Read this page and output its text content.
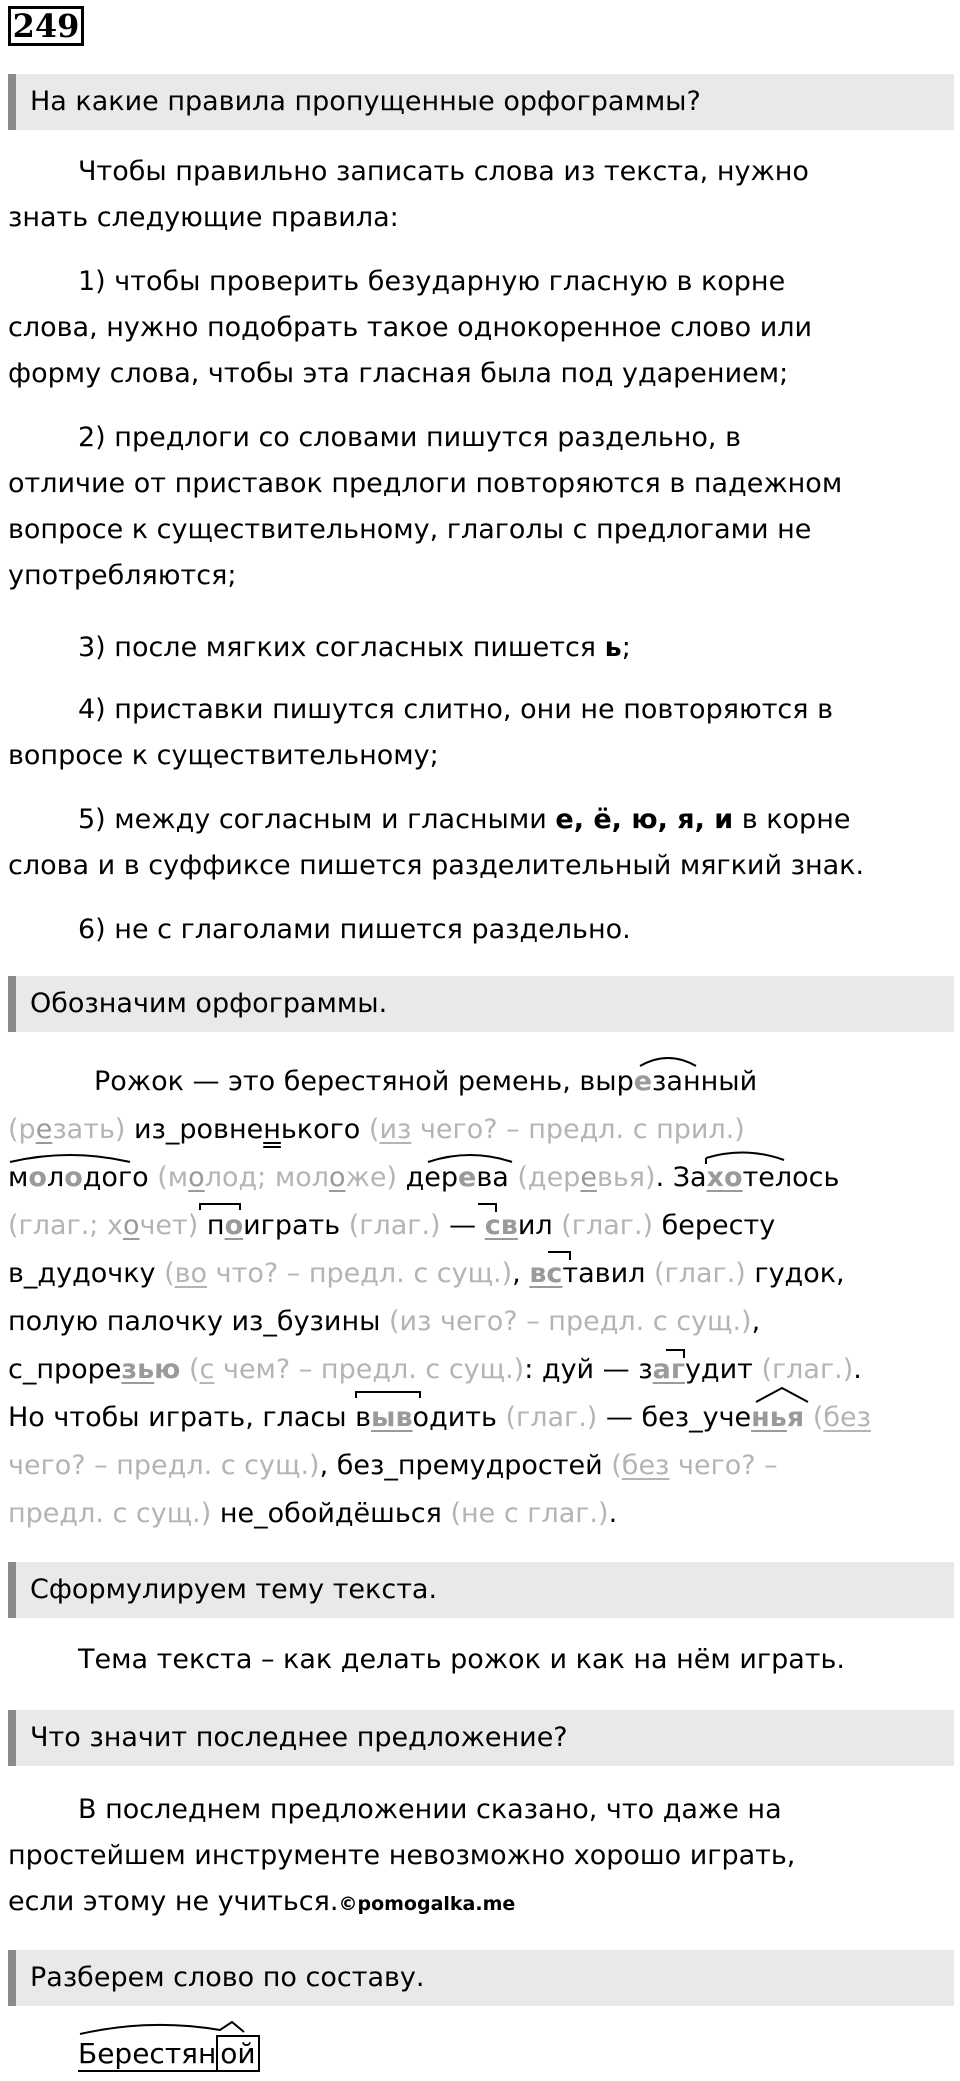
249
На какие правила пропущенные орфограммы?
Чтобы правильно записать слова из текста, нужно
знать следующие правила:
1) чтобы проверить безударную гласную в корне
слова, нужно подобрать такое однокоренное слово или
форму слова, чтобы эта гласная была под ударением;
2) предлоги со словами пишутся раздельно, в
отличие от приставок предлоги повторяются в падежном
вопросе к существительному, глаголы с предлогами не
употребляются;
3) после мягких согласных пишется ь;
4) приставки пишутся слитно, они не повторяются в
вопросе к существительному;
5) между согласным и гласными е, ё, ю, я, и в корне
слова и в суффиксе пишется разделительный мягкий знак.
6) не с глаголами пишется раздельно.
Обозначим орфограммы.
Рожок — это берестяной ремень, вырезанный
(резать) из_ровненького (из чего? – предл. с прил.)
молодого (молод; моложе) дерева (деревья). Захотелось
(глаг.; хочет) поиграть (глаг.) — свил (глаг.) бересту
в_дудочку (во что? – предл. с сущ.), вставил (глаг.) гудок,
полую палочку из_бузины (из чего? – предл. с сущ.),
с_прорезью (с чем? – предл. с сущ.): дуй — загудит (глаг.).
Но чтобы играть, гласы выводить (глаг.) — без_ученья (без
чего? – предл. с сущ.), без_премудростей (без чего? –
предл. с сущ.) не_обойдёшься (не с глаг.).
Сформулируем тему текста.
Тема текста – как делать рожок и как на нём играть.
Что значит последнее предложение?
В последнем предложении сказано, что даже на
простейшем инструменте невозможно хорошо играть,
если этому не учиться.©pomogalka.me
Разберем слово по составу.
Берестян ой
